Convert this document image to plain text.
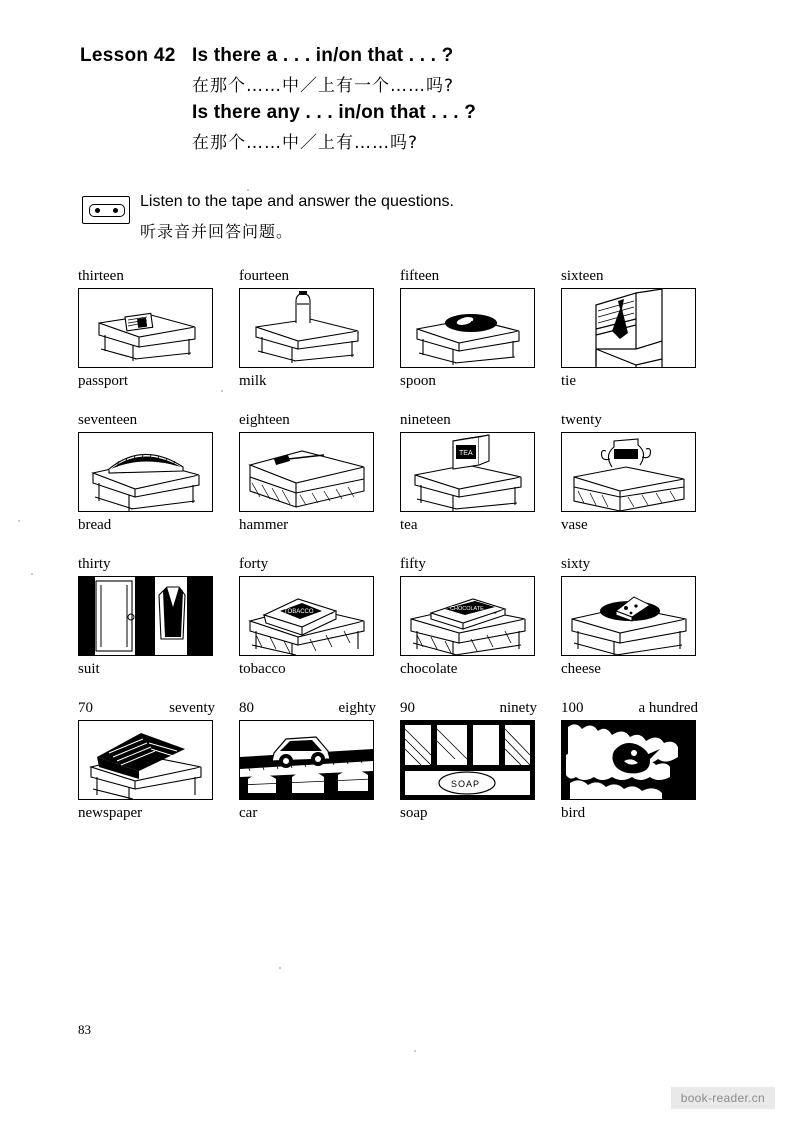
Lesson 42 Is there a . . . in/on that . . . ?
在那个……中／上有一个……吗?
Is there any . . . in/on that . . . ?
在那个……中／上有……吗?
Listen to the tape and answer the questions.
听录音并回答问题。
thirteen
passport
fourteen
milk
fifteen
spoon
sixteen
tie
seventeen
bread
eighteen
hammer
nineteen
TEA
tea
twenty
vase
thirty
suit
forty
TOBACCO
tobacco
fifty
CHOCOLATE
chocolate
sixty
cheese
70	seventy
newspaper
80	eighty
car
90	ninety
SOAP
soap
100	a hundred
bird
83
book-reader.cn
